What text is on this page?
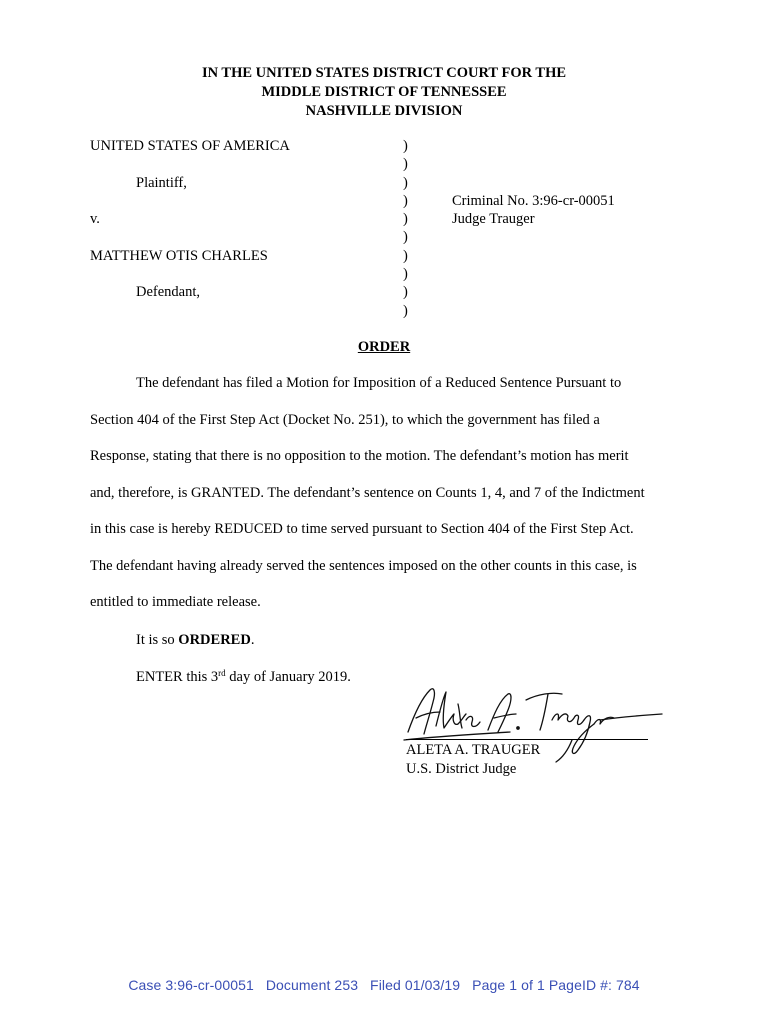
IN THE UNITED STATES DISTRICT COURT FOR THE
MIDDLE DISTRICT OF TENNESSEE
NASHVILLE DIVISION
UNITED STATES OF AMERICA
Plaintiff,
v.
MATTHEW OTIS CHARLES
Defendant,
)
)
)
)
)
)
)
)
)
)
Criminal No. 3:96-cr-00051
Judge Trauger
ORDER
The defendant has filed a Motion for Imposition of a Reduced Sentence Pursuant to
Section 404 of the First Step Act (Docket No. 251), to which the government has filed a
Response, stating that there is no opposition to the motion. The defendant’s motion has merit
and, therefore, is GRANTED. The defendant’s sentence on Counts 1, 4, and 7 of the Indictment
in this case is hereby REDUCED to time served pursuant to Section 404 of the First Step Act.
The defendant having already served the sentences imposed on the other counts in this case, is
entitled to immediate release.
It is so ORDERED.
ENTER this 3rd day of January 2019.	Aleta A. Trauger
ALETA A. TRAUGER
U.S. District Judge
Case 3:96-cr-00051   Document 253   Filed 01/03/19   Page 1 of 1 PageID #: 784
